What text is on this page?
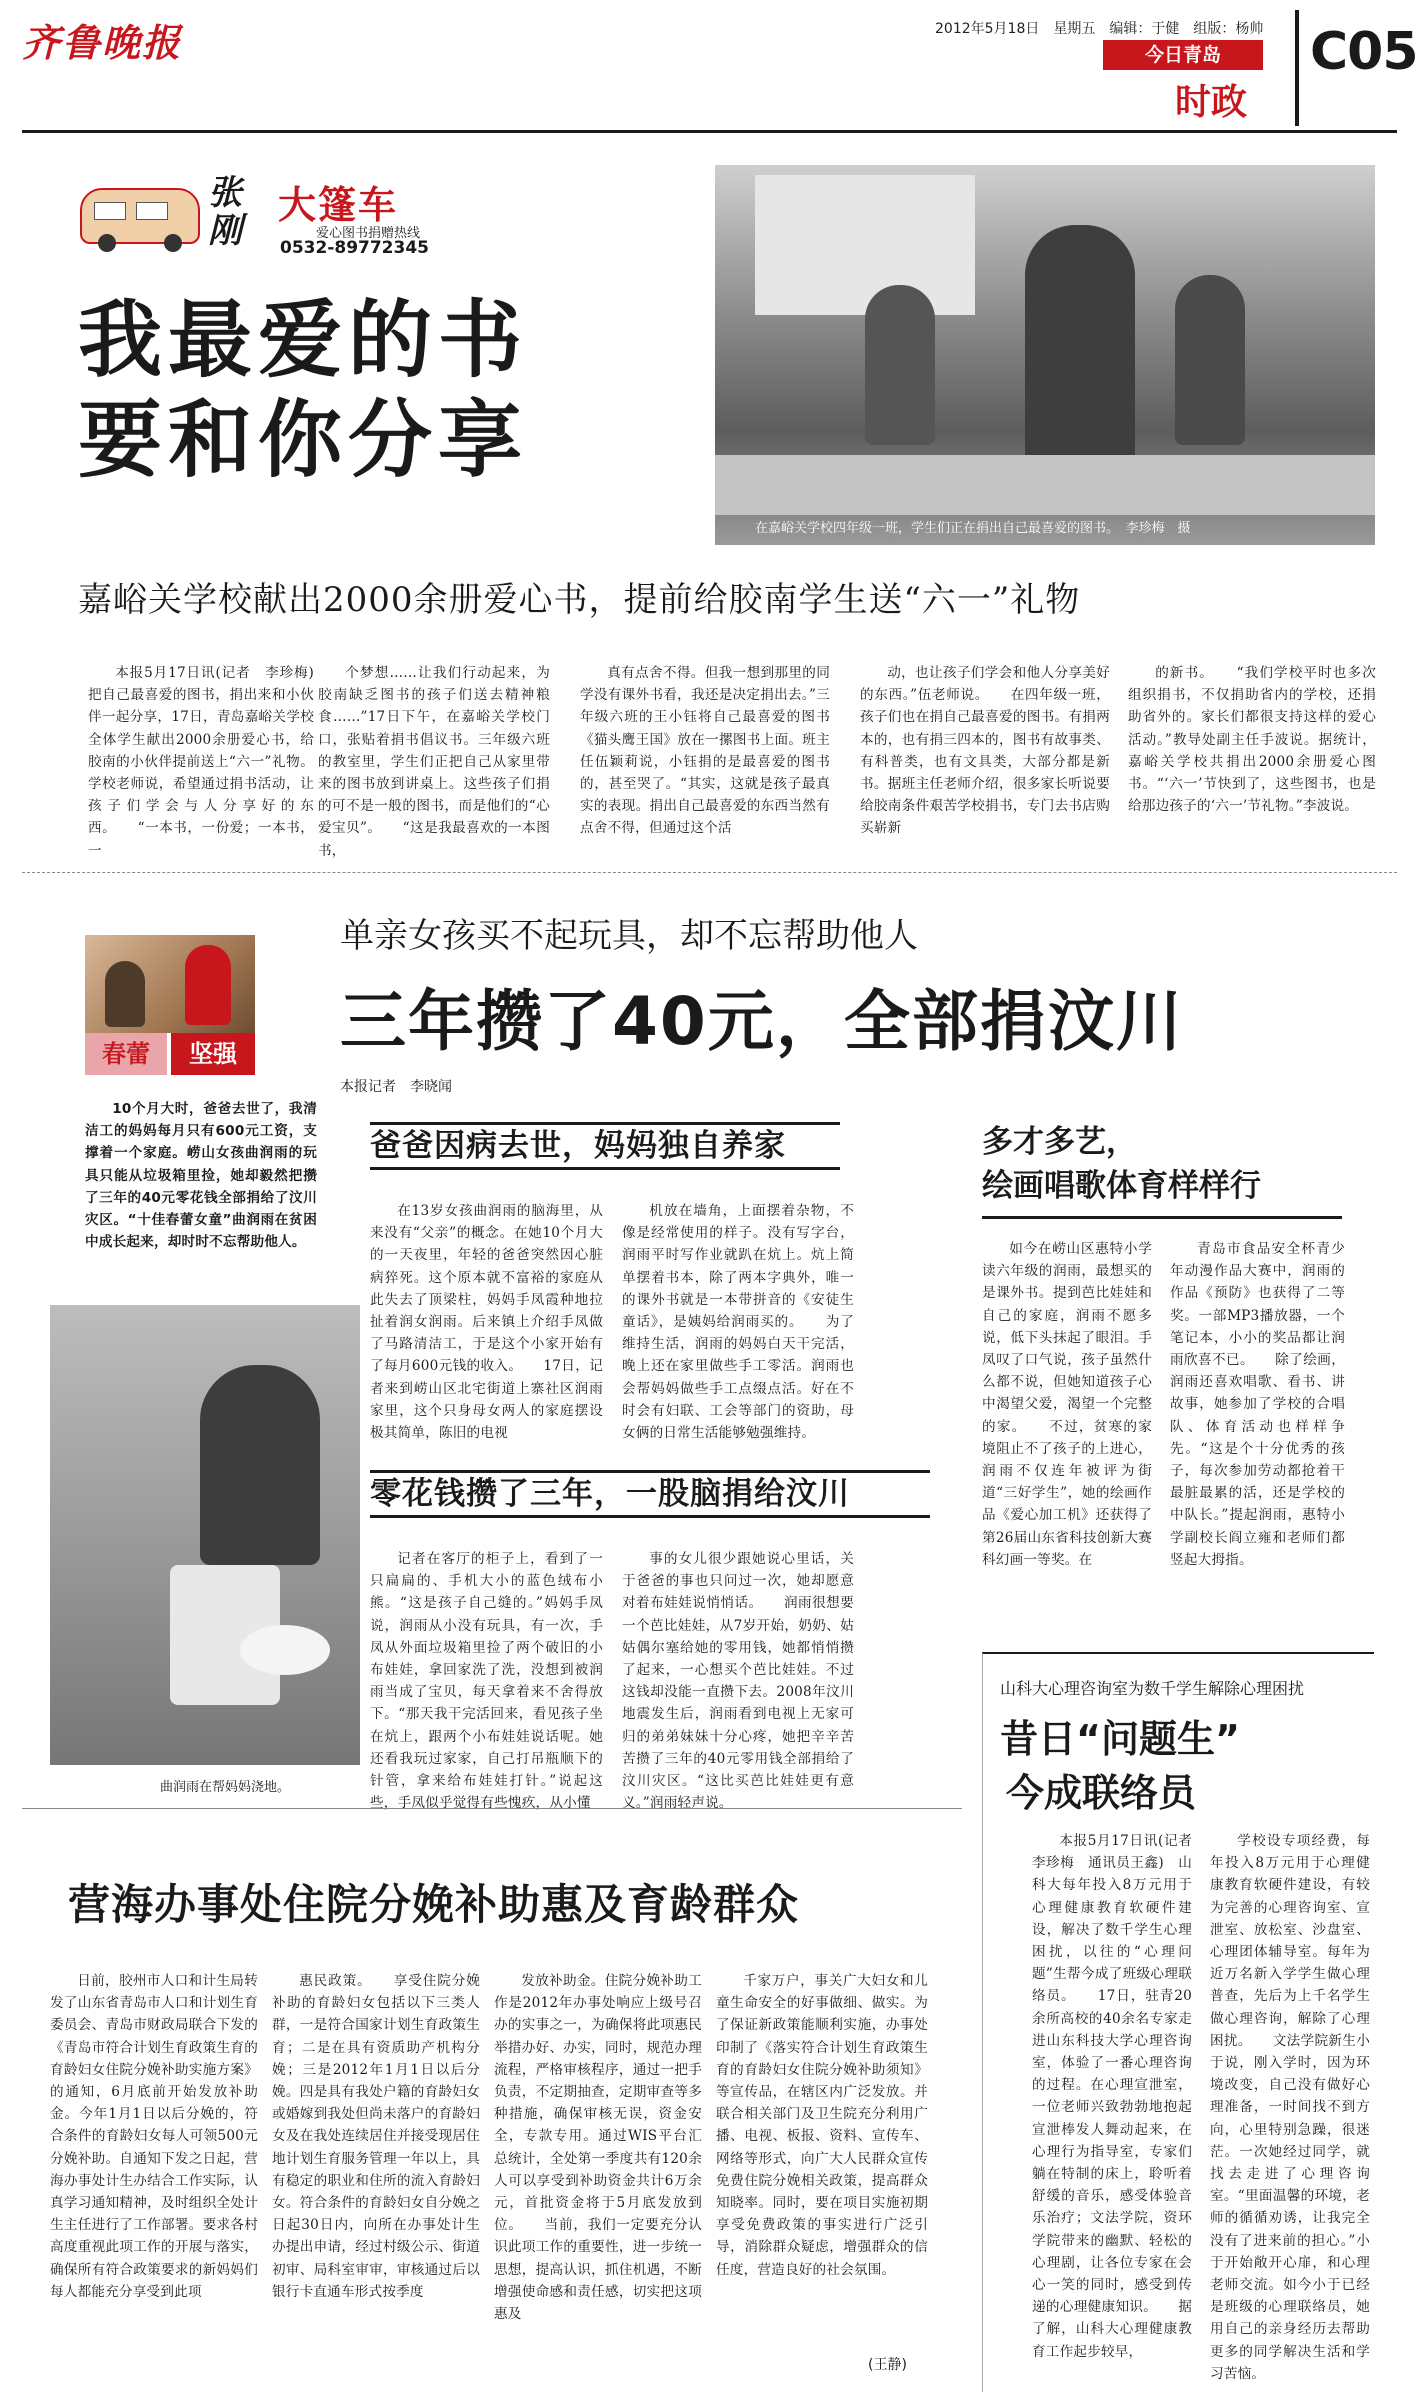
齐鲁晚报	2012年5月18日　星期五　编辑：于健　组版：杨帅
今日青岛
时政
C05
张刚
大篷车
爱心图书捐赠热线
0532-89772345
我最爱的书
要和你分享
在嘉峪关学校四年级一班，学生们正在捐出自己最喜爱的图书。　李珍梅　摄
嘉峪关学校献出2000余册爱心书，提前给胶南学生送“六一”礼物

本报5月17日讯(记者　李珍梅)　把自己最喜爱的图书，捐出来和小伙伴一起分享，17日，青岛嘉峪关学校全体学生献出2000余册爱心书，给胶南的小伙伴提前送上“六一”礼物。学校老师说，希望通过捐书活动，让孩子们学会与人分享好的东西。　　“一本书，一份爱；一本书，一

个梦想……让我们行动起来，为胶南缺乏图书的孩子们送去精神粮食……”17日下午，在嘉峪关学校门口，张贴着捐书倡议书。三年级六班的教室里，学生们正把自己从家里带来的图书放到讲桌上。这些孩子们捐的可不是一般的图书，而是他们的“心爱宝贝”。　　“这是我最喜欢的一本图书，

真有点舍不得。但我一想到那里的同学没有课外书看，我还是决定捐出去。”三年级六班的王小钰将自己最喜爱的图书《猫头鹰王国》放在一摞图书上面。班主任伍颖莉说，小钰捐的是最喜爱的图书的，甚至哭了。“其实，这就是孩子最真实的表现。捐出自己最喜爱的东西当然有点舍不得，但通过这个活

动，也让孩子们学会和他人分享美好的东西。”伍老师说。　　在四年级一班，孩子们也在捐自己最喜爱的图书。有捐两本的，也有捐三四本的，图书有故事类、有科普类，也有文具类，大部分都是新书。据班主任老师介绍，很多家长听说要给胶南条件艰苦学校捐书，专门去书店购买崭新

的新书。　　“我们学校平时也多次组织捐书，不仅捐助省内的学校，还捐助省外的。家长们都很支持这样的爱心活动。”教导处副主任手波说。据统计，嘉峪关学校共捐出2000余册爱心图书。“‘六一’节快到了，这些图书，也是给那边孩子的‘六一’节礼物。”李波说。

春蕾	坚强
单亲女孩买不起玩具，却不忘帮助他人
三年攒了40元，全部捐汶川
本报记者　李晓闻

10个月大时，爸爸去世了，我清洁工的妈妈每月只有600元工资，支撑着一个家庭。崂山女孩曲润雨的玩具只能从垃圾箱里捡，她却毅然把攒了三年的40元零花钱全部捐给了汶川灾区。“十佳春蕾女童”曲润雨在贫困中成长起来，却时时不忘帮助他人。

曲润雨在帮妈妈浇地。
爸爸因病去世，妈妈独自养家

在13岁女孩曲润雨的脑海里，从来没有“父亲”的概念。在她10个月大的一天夜里，年轻的爸爸突然因心脏病猝死。这个原本就不富裕的家庭从此失去了顶梁柱，妈妈手凤霞种地拉扯着润女润雨。后来镇上介绍手凤做了马路清洁工，于是这个小家开始有了每月600元钱的收入。　　17日，记者来到崂山区北宅街道上寨社区润雨家里，这个只身母女两人的家庭摆设极其简单，陈旧的电视

机放在墙角，上面摆着杂物，不像是经常使用的样子。没有写字台，润雨平时写作业就趴在炕上。炕上简单摆着书本，除了两本字典外，唯一的课外书就是一本带拼音的《安徒生童话》，是姨妈给润雨买的。　　为了维持生活，润雨的妈妈白天干完活，晚上还在家里做些手工零活。润雨也会帮妈妈做些手工点缀点活。好在不时会有妇联、工会等部门的资助，母女俩的日常生活能够勉强维持。

零花钱攒了三年，一股脑捐给汶川

记者在客厅的柜子上，看到了一只扁扁的、手机大小的蓝色绒布小熊。“这是孩子自己缝的。”妈妈手凤说，润雨从小没有玩具，有一次，手凤从外面垃圾箱里捡了两个破旧的小布娃娃，拿回家洗了洗，没想到被润雨当成了宝贝，每天拿着来不舍得放下。“那天我干完活回来，看见孩子坐在炕上，跟两个小布娃娃说话呢。她还看我玩过家家，自己打吊瓶顺下的针管，拿来给布娃娃打针。”说起这些，手凤似乎觉得有些愧疚，从小懂

事的女儿很少跟她说心里话，关于爸爸的事也只问过一次，她却愿意对着布娃娃说悄悄话。　　润雨很想要一个芭比娃娃，从7岁开始，奶奶、姑姑偶尔塞给她的零用钱，她都悄悄攒了起来，一心想买个芭比娃娃。不过这钱却没能一直攒下去。2008年汶川地震发生后，润雨看到电视上无家可归的弟弟妹妹十分心疼，她把辛辛苦苦攒了三年的40元零用钱全部捐给了汶川灾区。“这比买芭比娃娃更有意义。”润雨轻声说。

多才多艺，
绘画唱歌体育样样行

如今在崂山区惠特小学读六年级的润雨，最想买的是课外书。提到芭比娃娃和自己的家庭，润雨不愿多说，低下头抹起了眼泪。手凤叹了口气说，孩子虽然什么都不说，但她知道孩子心中渴望父爱，渴望一个完整的家。　　不过，贫寒的家境阻止不了孩子的上进心，润雨不仅连年被评为街道“三好学生”，她的绘画作品《爱心加工机》还获得了第26届山东省科技创新大赛科幻画一等奖。在

青岛市食品安全杯青少年动漫作品大赛中，润雨的作品《预防》也获得了二等奖。一部MP3播放器，一个笔记本，小小的奖品都让润雨欣喜不已。　　除了绘画，润雨还喜欢唱歌、看书、讲故事，她参加了学校的合唱队、体育活动也样样争先。“这是个十分优秀的孩子，每次参加劳动都抢着干最脏最累的活，还是学校的中队长。”提起润雨，惠特小学副校长阎立雍和老师们都竖起大拇指。

山科大心理咨询室为数千学生解除心理困扰
昔日“问题生”
今成联络员

本报5月17日讯(记者　李珍梅　通讯员王鑫)　山科大每年投入8万元用于心理健康教育软硬件建设，解决了数千学生心理困扰，以往的“心理问题”生帮今成了班级心理联络员。　　17日，驻青20余所高校的40余名专家走进山东科技大学心理咨询室，体验了一番心理咨询的过程。在心理宣泄室，一位老师兴致勃勃地抱起宣泄棒发人舞动起来，在心理行为指导室，专家们躺在特制的床上，聆听着舒缓的音乐，感受体验音乐治疗；文法学院，资环学院带来的幽默、轻松的心理剧，让各位专家在会心一笑的同时，感受到传递的心理健康知识。　　据了解，山科大心理健康教育工作起步较早，

学校设专项经费，每年投入8万元用于心理健康教育软硬件建设，有较为完善的心理咨询室、宣泄室、放松室、沙盘室、心理团体辅导室。每年为近万名新入学学生做心理普查，先后为上千名学生做心理咨询，解除了心理困扰。　　文法学院新生小于说，刚入学时，因为环境改变，自己没有做好心理准备，一时间找不到方向，心里特别急躁，很迷茫。一次她经过同学，就找去走进了心理咨询室。“里面温馨的环境，老师的循循劝诱，让我完全没有了进来前的担心。”小于开始敞开心扉，和心理老师交流。如今小于已经是班级的心理联络员，她用自己的亲身经历去帮助更多的同学解决生活和学习苦恼。

营海办事处住院分娩补助惠及育龄群众

日前，胶州市人口和计生局转发了山东省青岛市人口和计划生育委员会、青岛市财政局联合下发的《青岛市符合计划生育政策生育的育龄妇女住院分娩补助实施方案》的通知，6月底前开始发放补助金。今年1月1日以后分娩的，符合条件的育龄妇女每人可领500元分娩补助。自通知下发之日起，营海办事处计生办结合工作实际，认真学习通知精神，及时组织全处计生主任进行了工作部署。要求各村高度重视此项工作的开展与落实，确保所有符合政策要求的新妈妈们每人都能充分享受到此项

惠民政策。　　享受住院分娩补助的育龄妇女包括以下三类人群，一是符合国家计划生育政策生育；二是在具有资质助产机构分娩；三是2012年1月1日以后分娩。四是具有我处户籍的育龄妇女或婚嫁到我处但尚未落户的育龄妇女及在我处连续居住并接受现居住地计划生育服务管理一年以上，具有稳定的职业和住所的流入育龄妇女。符合条件的育龄妇女自分娩之日起30日内，向所在办事处计生办提出申请，经过村级公示、街道初审、局科室审审，审核通过后以银行卡直通车形式按季度

发放补助金。住院分娩补助工作是2012年办事处响应上级号召办的实事之一，为确保将此项惠民举措办好、办实，同时，规范办理流程，严格审核程序，通过一把手负责，不定期抽查，定期审查等多种措施，确保审核无误，资金安全，专款专用。通过WIS平台汇总统计，全处第一季度共有120余人可以享受到补助资金共计6万余元，首批资金将于5月底发放到位。　　当前，我们一定要充分认识此项工作的重要性，进一步统一思想，提高认识，抓住机遇，不断增强使命感和责任感，切实把这项惠及

千家万户，事关广大妇女和儿童生命安全的好事做细、做实。为了保证新政策能顺利实施，办事处印制了《落实符合计划生育政策生育的育龄妇女住院分娩补助须知》等宣传品，在辖区内广泛发放。并联合相关部门及卫生院充分利用广播、电视、板报、资料、宣传车、网络等形式，向广大人民群众宣传免费住院分娩相关政策，提高群众知晓率。同时，要在项目实施初期享受免费政策的事实进行广泛引导，消除群众疑虑，增强群众的信任度，营造良好的社会氛围。

(王静)
